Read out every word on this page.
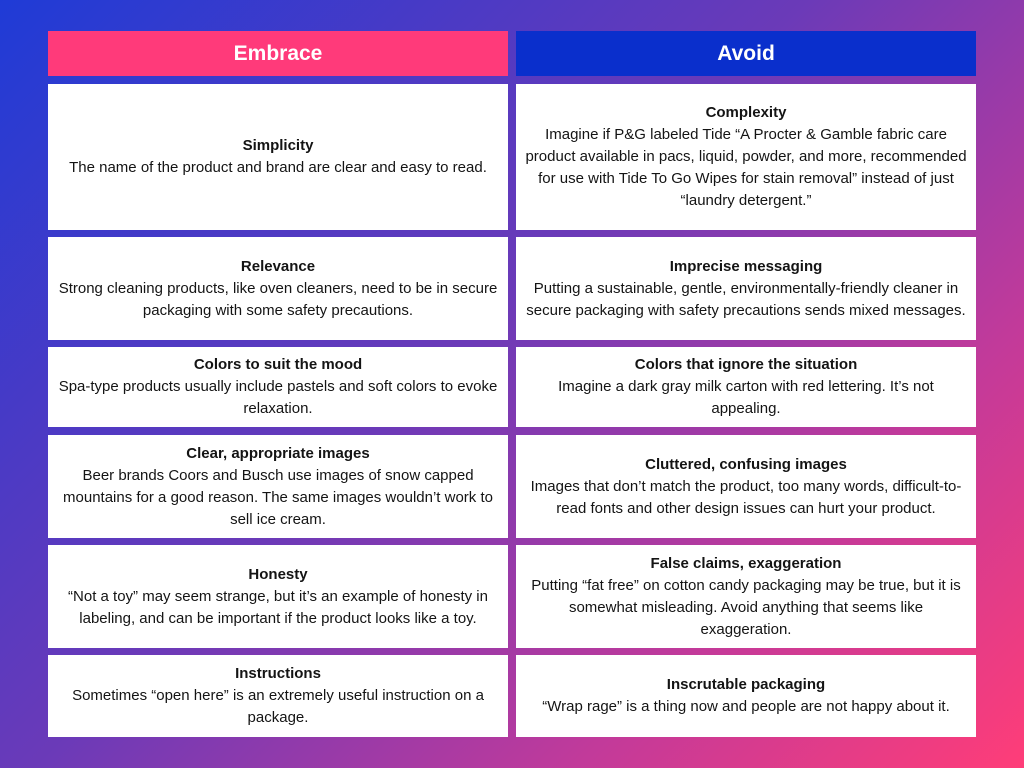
Embrace	Avoid
Simplicity
The name of the product and brand are clear and easy to read.
Complexity
Imagine if P&G labeled Tide “A Procter & Gamble fabric care product available in pacs, liquid, powder, and more, recommended for use with Tide To Go Wipes for stain removal” instead of just “laundry detergent.”
Relevance
Strong cleaning products, like oven cleaners, need to be in secure packaging with some safety precautions.
Imprecise messaging
Putting a sustainable, gentle, environmentally-friendly cleaner in secure packaging with safety precautions sends mixed messages.
Colors to suit the mood
Spa-type products usually include pastels and soft colors to evoke relaxation.
Colors that ignore the situation
Imagine a dark gray milk carton with red lettering. It’s not appealing.
Clear, appropriate images
Beer brands Coors and Busch use images of snow capped mountains for a good reason. The same images wouldn’t work to sell ice cream.
Cluttered, confusing images
Images that don’t match the product, too many words, difficult-to-read fonts and other design issues can hurt your product.
Honesty
“Not a toy” may seem strange, but it’s an example of honesty in labeling, and can be important if the product looks like a toy.
False claims, exaggeration
Putting “fat free” on cotton candy packaging may be true, but it is somewhat misleading. Avoid anything that seems like exaggeration.
Instructions
Sometimes “open here” is an extremely useful instruction on a package.
Inscrutable packaging
“Wrap rage” is a thing now and people are not happy about it.
